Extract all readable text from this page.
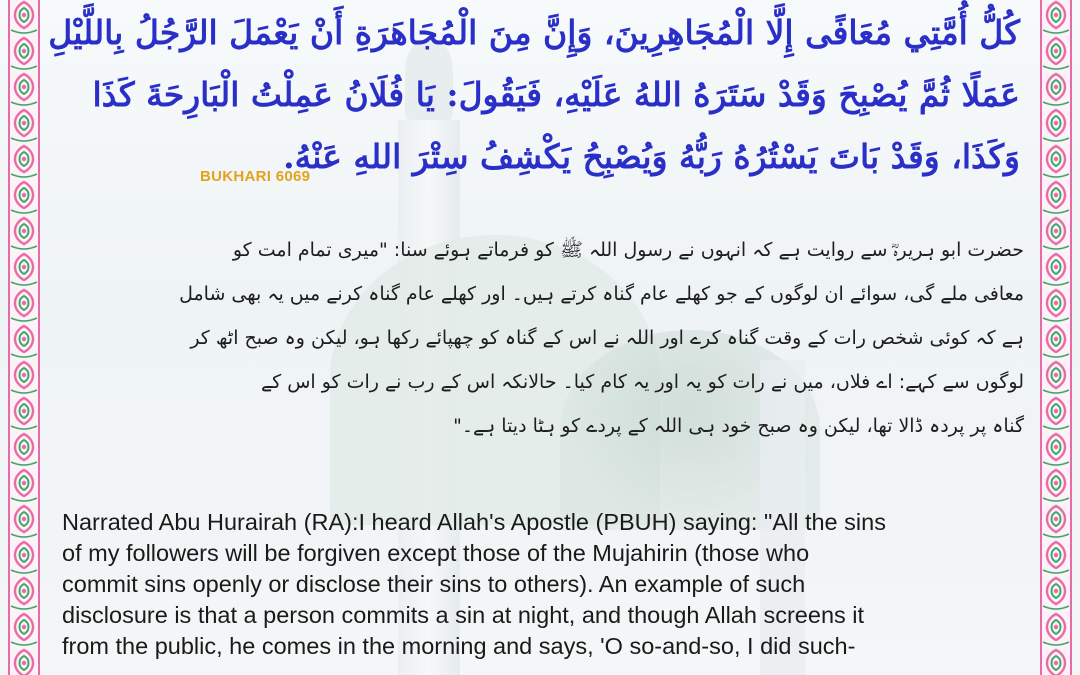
كُلُّ أُمَّتِي مُعَافًى إِلَّا الْمُجَاهِرِينَ، وَإِنَّ مِنَ الْمُجَاهَرَةِ أَنْ يَعْمَلَ الرَّجُلُ بِاللَّيْلِ
عَمَلًا ثُمَّ يُصْبِحَ وَقَدْ سَتَرَهُ اللهُ عَلَيْهِ، فَيَقُولَ: يَا فُلَانُ عَمِلْتُ الْبَارِحَةَ كَذَا
وَكَذَا، وَقَدْ بَاتَ يَسْتُرُهُ رَبُّهُ وَيُصْبِحُ يَكْشِفُ سِتْرَ اللهِ عَنْهُ.
BUKHARI 6069
حضرت ابو ہریرہؓ سے روایت ہے کہ انہوں نے رسول اللہ ﷺ کو فرماتے ہوئے سنا: "میری تمام امت کو
معافی ملے گی، سوائے ان لوگوں کے جو کھلے عام گناہ کرتے ہیں۔ اور کھلے عام گناہ کرنے میں یہ بھی شامل
ہے کہ کوئی شخص رات کے وقت گناہ کرے اور اللہ نے اس کے گناہ کو چھپائے رکھا ہو، لیکن وہ صبح اٹھ کر
لوگوں سے کہے: اے فلاں، میں نے رات کو یہ اور یہ کام کیا۔ حالانکہ اس کے رب نے رات کو اس کے
گناہ پر پردہ ڈالا تھا، لیکن وہ صبح خود ہی اللہ کے پردے کو ہٹا دیتا ہے۔"
Narrated Abu Hurairah (RA):I heard Allah's Apostle (PBUH) saying: "All the sins
of my followers will be forgiven except those of the Mujahirin (those who
commit sins openly or disclose their sins to others). An example of such
disclosure is that a person commits a sin at night, and though Allah screens it
from the public, he comes in the morning and says, 'O so-and-so, I did such-
